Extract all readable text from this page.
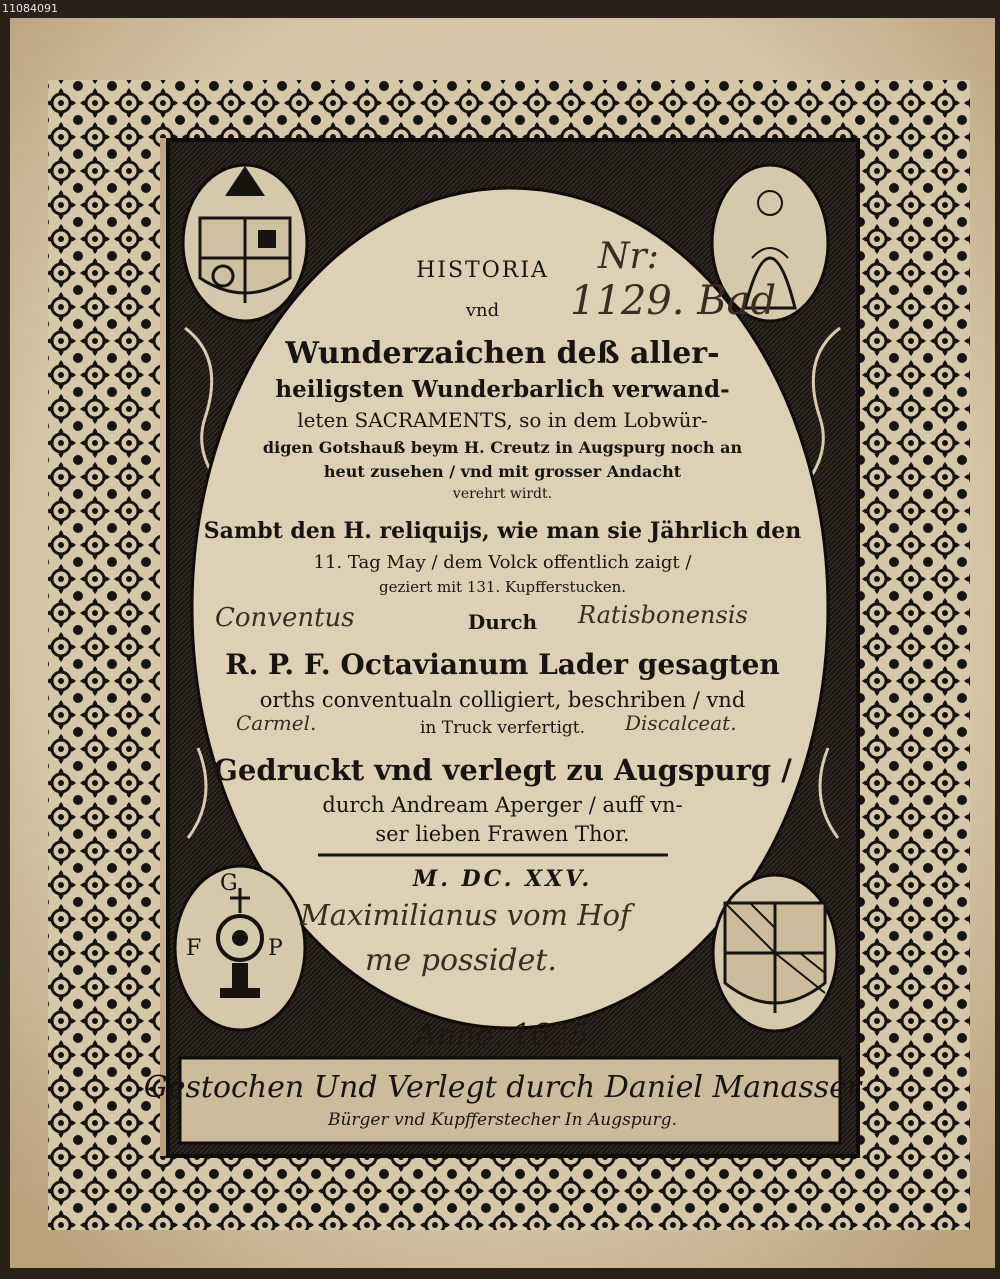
11084091
HISTORIA
vnd
Wunderzaichen deß aller-
heiligsten Wunderbarlich verwand-
leten SACRAMENTS, so in dem Lobwür-
digen Gotshauß beym H. Creutz in Augspurg noch an
heut zusehen / vnd mit grosser Andacht
verehrt wirdt.
Sambt den H. reliquijs, wie man sie Jährlich den
11. Tag May / dem Volck offentlich zaigt /
geziert mit 131. Kupfferstucken.
Durch
R. P. F. Octavianum Lader gesagten
orths conventualn colligiert, beschriben / vnd
in Truck verfertigt.
Gedruckt vnd verlegt zu Augspurg /
durch Andream Aperger / auff vn-
ser lieben Frawen Thor.
M. DC. XXV.
G
F	P
Nr:
1129. Bad
Conventus	Ratisbonensis
Carmel.	Discalceat.
Maximilianus vom Hof
me possidet.
Anno. 1625.
Gestochen Und Verlegt durch Daniel Manasser
Bürger vnd Kupfferstecher In Augspurg.
